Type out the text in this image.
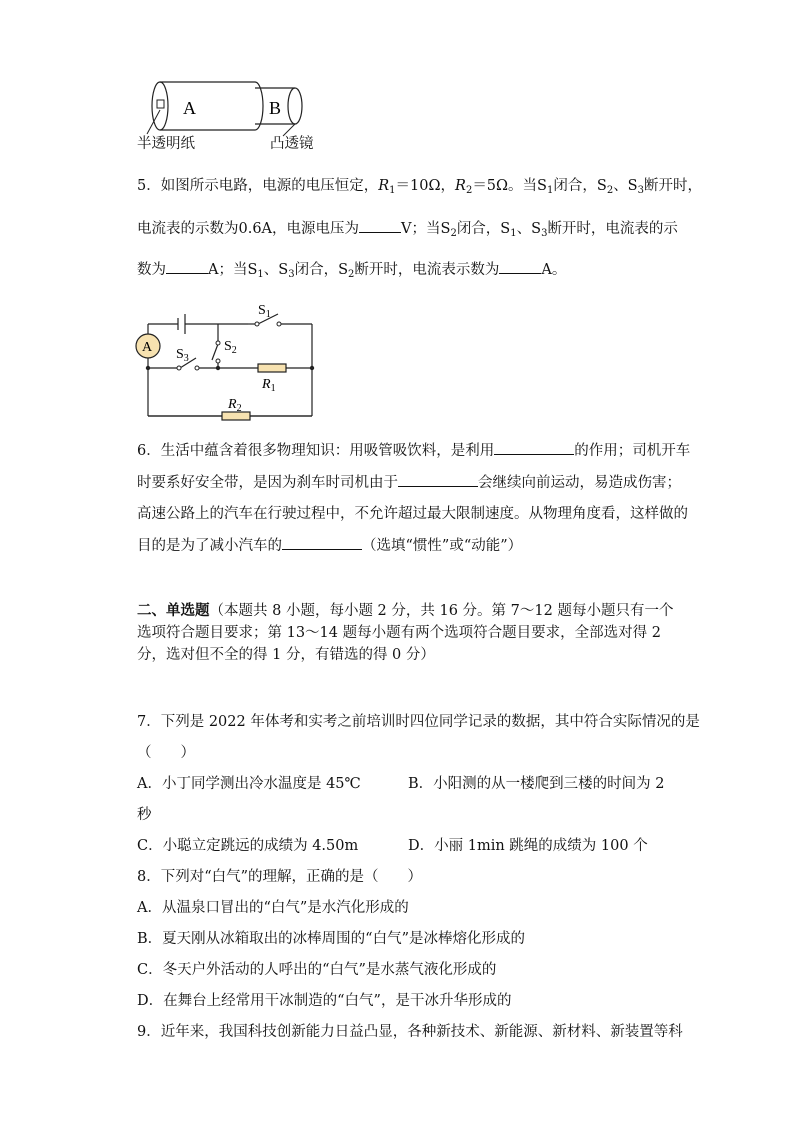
A	B
半透明纸	凸透镜
5．如图所示电路，电源的电压恒定，$R_1=10\Omega$，$R_2=5\Omega$。当$S_1$闭合，$S_2$、$S_3$断开时，
电流表的示数为0.6A，电源电压为	V；当$S_2$闭合，$S_1$、$S_3$断开时，电流表的示
数为	A；当$S_1$、$S_3$闭合，$S_2$断开时，电流表示数为	A。
A
$S_1$
$S_2$
$S_3$
$R_1$
$R_2$
6．生活中蕴含着很多物理知识：用吸管吸饮料，是利用	的作用；司机开车
时要系好安全带，是因为刹车时司机由于	会继续向前运动，易造成伤害；
高速公路上的汽车在行驶过程中，不允许超过最大限制速度。从物理角度看，这样做的
目的是为了减小汽车的	（选填“惯性”或“动能”）
二、单选题（本题共 8 小题，每小题 2 分，共 16 分。第 7～12 题每小题只有一个
选项符合题目要求；第 13～14 题每小题有两个选项符合题目要求，全部选对得 2
分，选对但不全的得 1 分，有错选的得 0 分）
7．下列是 2022 年体考和实考之前培训时四位同学记录的数据，其中符合实际情况的是
（　　）
A．小丁同学测出冷水温度是 45℃	B．小阳测的从一楼爬到三楼的时间为 2
秒
C．小聪立定跳远的成绩为 4.50m	D．小丽 1min 跳绳的成绩为 100 个
8．下列对“白气”的理解，正确的是（　　）
A．从温泉口冒出的“白气”是水汽化形成的
B．夏天刚从冰箱取出的冰棒周围的“白气”是冰棒熔化形成的
C．冬天户外活动的人呼出的“白气”是水蒸气液化形成的
D．在舞台上经常用干冰制造的“白气”，是干冰升华形成的
9．近年来，我国科技创新能力日益凸显，各种新技术、新能源、新材料、新装置等科
